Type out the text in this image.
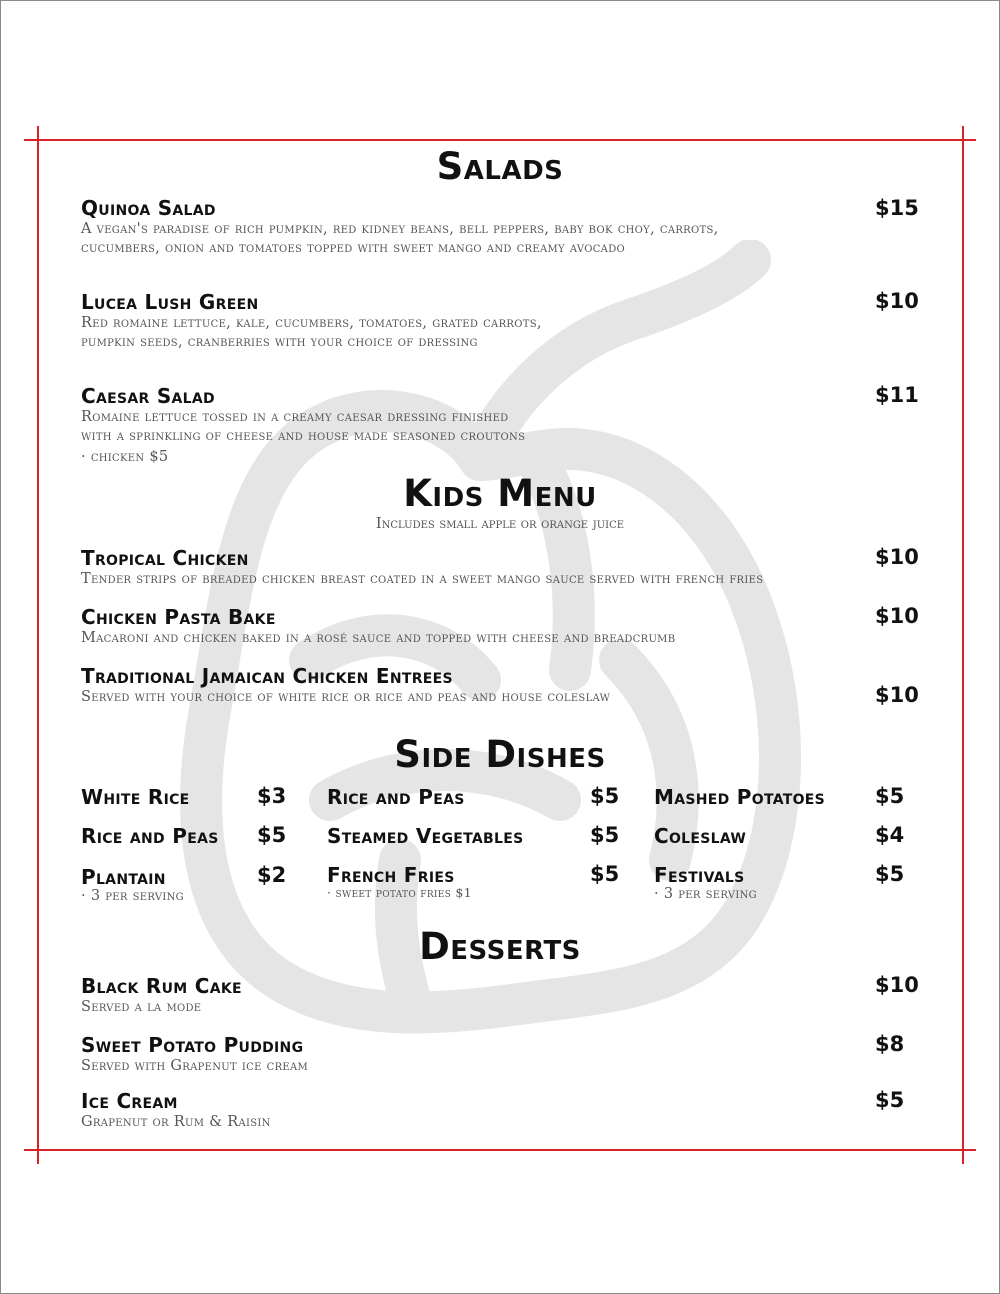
Salads
Quinoa Salad
A vegan's paradise of rich pumpkin, red kidney beans, bell peppers, baby bok choy, carrots,
cucumbers, onion and tomatoes topped with sweet mango and creamy avocado
$15
Lucea Lush Green
Red romaine lettuce, kale, cucumbers, tomatoes, grated carrots,
pumpkin seeds, cranberries with your choice of dressing
$10
Caesar Salad
Romaine lettuce tossed in a creamy caesar dressing finished
with a sprinkling of cheese and house made seasoned croutons
· chicken $5
$11
Kids Menu
Includes small apple or orange juice
Tropical Chicken
Tender strips of breaded chicken breast coated in a sweet mango sauce served with french fries
$10
Chicken Pasta Bake
Macaroni and chicken baked in a rosé sauce and topped with cheese and breadcrumb
$10
Traditional Jamaican Chicken Entrees
Served with your choice of white rice or rice and peas and house coleslaw	$10
Side Dishes
White Rice	$3
Rice and Peas $5
Plantain
· 3 per serving
$2
Rice and Peas	$5
Steamed Vegetables	$5
French Fries
· sweet potato fries $1
$5
Mashed Potatoes $5
Coleslaw	$4
Festivals
· 3 per serving
$5
Desserts
Black Rum Cake
Served a la mode
$10
Sweet Potato Pudding
Served with Grapenut ice cream
$8
Ice Cream
Grapenut or Rum & Raisin
$5
